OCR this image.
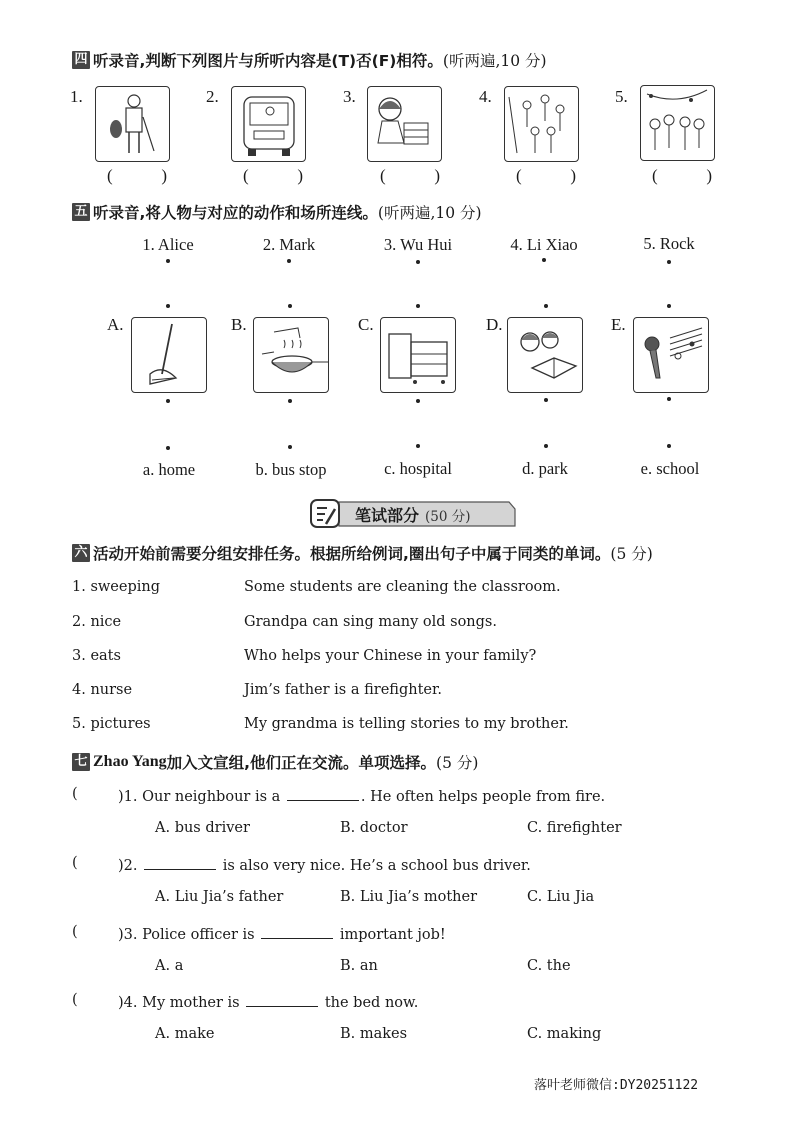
四 听录音,判断下列图片与所听内容是(T)否(F)相符。 (听两遍,10 分)
1.
(	)
2.
(	)
3.
(	)
4.
(	)
5.
(	)
五 听录音,将人物与对应的动作和场所连线。 (听两遍,10 分)
1. Alice	2. Mark	3. Wu Hui	4. Li Xiao	5. Rock
A.	B.	C.	D.	E.
a. home	b. bus stop	c. hospital	d. park	e. school
笔试部分 (50 分)
六 活动开始前需要分组安排任务。根据所给例词,圈出句子中属于同类的单词。 (5 分)
1. sweeping	Some students are cleaning the classroom.
2. nice	Grandpa can sing many old songs.
3. eats	Who helps your Chinese in your family?
4. nurse	Jim’s father is a firefighter.
5. pictures	My grandma is telling stories to my brother.
七 Zhao Yang 加入文宣组,他们正在交流。单项选择。 (5 分)
(	)1. Our neighbour is a	. He often helps people from fire.
A. bus driver	B. doctor	C. firefighter
(	)2.	is also very nice. He’s a school bus driver.
A. Liu Jia’s father	B. Liu Jia’s mother	C. Liu Jia
(	)3. Police officer is	important job!
A. a	B. an	C. the
(	)4. My mother is	the bed now.
A. make	B. makes	C. making
落叶老师微信:DY20251122
